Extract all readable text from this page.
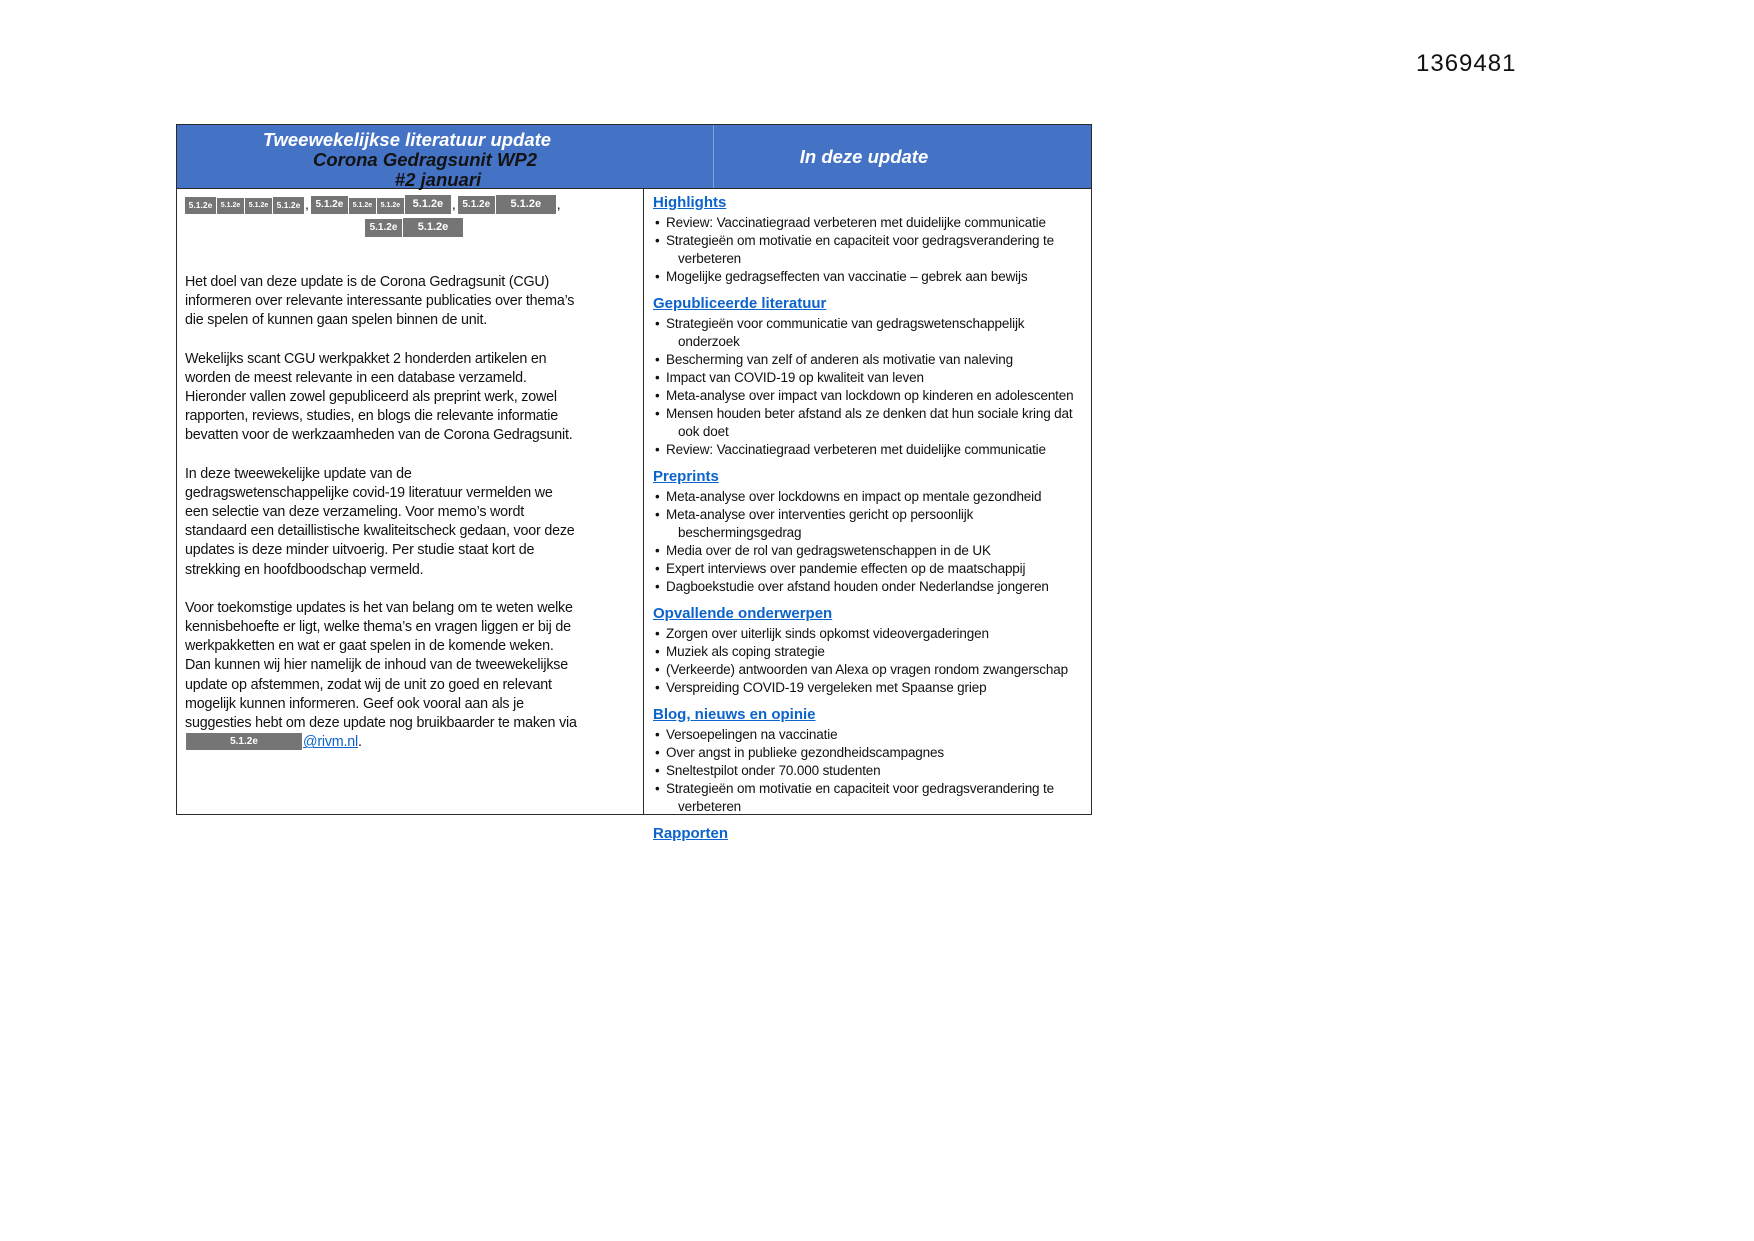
1369481
Tweewekelijkse literatuur update
Corona Gedragsunit WP2
#2 januari
In deze update
5.1.2e 5.1.2e 5.1.2e 5.1.2e , 5.1.2e 5.1.2e 5.1.2e 5.1.2e , 5.1.2e 5.1.2e ,
5.1.2e 5.1.2e

Het doel van deze update is de Corona Gedragsunit (CGU) informeren over relevante interessante publicaties over thema’s die spelen of kunnen gaan spelen binnen de unit.

Wekelijks scant CGU werkpakket 2 honderden artikelen en worden de meest relevante in een database verzameld. Hieronder vallen zowel gepubliceerd als preprint werk, zowel rapporten, reviews, studies, en blogs die relevante informatie bevatten voor de werkzaamheden van de Corona Gedragsunit.

In deze tweewekelijke update van de gedragswetenschappelijke covid-19 literatuur vermelden we een selectie van deze verzameling. Voor memo’s wordt standaard een detaillistische kwaliteitscheck gedaan, voor deze updates is deze minder uitvoerig. Per studie staat kort de strekking en hoofdboodschap vermeld.

Voor toekomstige updates is het van belang om te weten welke kennisbehoefte er ligt, welke thema’s en vragen liggen er bij de werkpakketten en wat er gaat spelen in de komende weken. Dan kunnen wij hier namelijk de inhoud van de tweewekelijkse update op afstemmen, zodat wij de unit zo goed en relevant mogelijk kunnen informeren. Geef ook vooral aan als je suggesties hebt om deze update nog bruikbaarder te maken via 5.1.2e	@rivm.nl.

Highlights
• Review: Vaccinatiegraad verbeteren met duidelijke communicatie
• Strategieën om motivatie en capaciteit voor gedragsverandering te verbeteren
• Mogelijke gedragseffecten van vaccinatie – gebrek aan bewijs
Gepubliceerde literatuur
• Strategieën voor communicatie van gedragswetenschappelijk onderzoek
• Bescherming van zelf of anderen als motivatie van naleving
• Impact van COVID-19 op kwaliteit van leven
• Meta-analyse over impact van lockdown op kinderen en adolescenten
• Mensen houden beter afstand als ze denken dat hun sociale kring dat ook doet
• Review: Vaccinatiegraad verbeteren met duidelijke communicatie
Preprints
• Meta-analyse over lockdowns en impact op mentale gezondheid
• Meta-analyse over interventies gericht op persoonlijk beschermingsgedrag
• Media over de rol van gedragswetenschappen in de UK
• Expert interviews over pandemie effecten op de maatschappij
• Dagboekstudie over afstand houden onder Nederlandse jongeren
Opvallende onderwerpen
• Zorgen over uiterlijk sinds opkomst videovergaderingen
• Muziek als coping strategie
• (Verkeerde) antwoorden van Alexa op vragen rondom zwangerschap
• Verspreiding COVID-19 vergeleken met Spaanse griep
Blog, nieuws en opinie
• Versoepelingen na vaccinatie
• Over angst in publieke gezondheidscampagnes
• Sneltestpilot onder 70.000 studenten
• Strategieën om motivatie en capaciteit voor gedragsverandering te verbeteren
Rapporten
